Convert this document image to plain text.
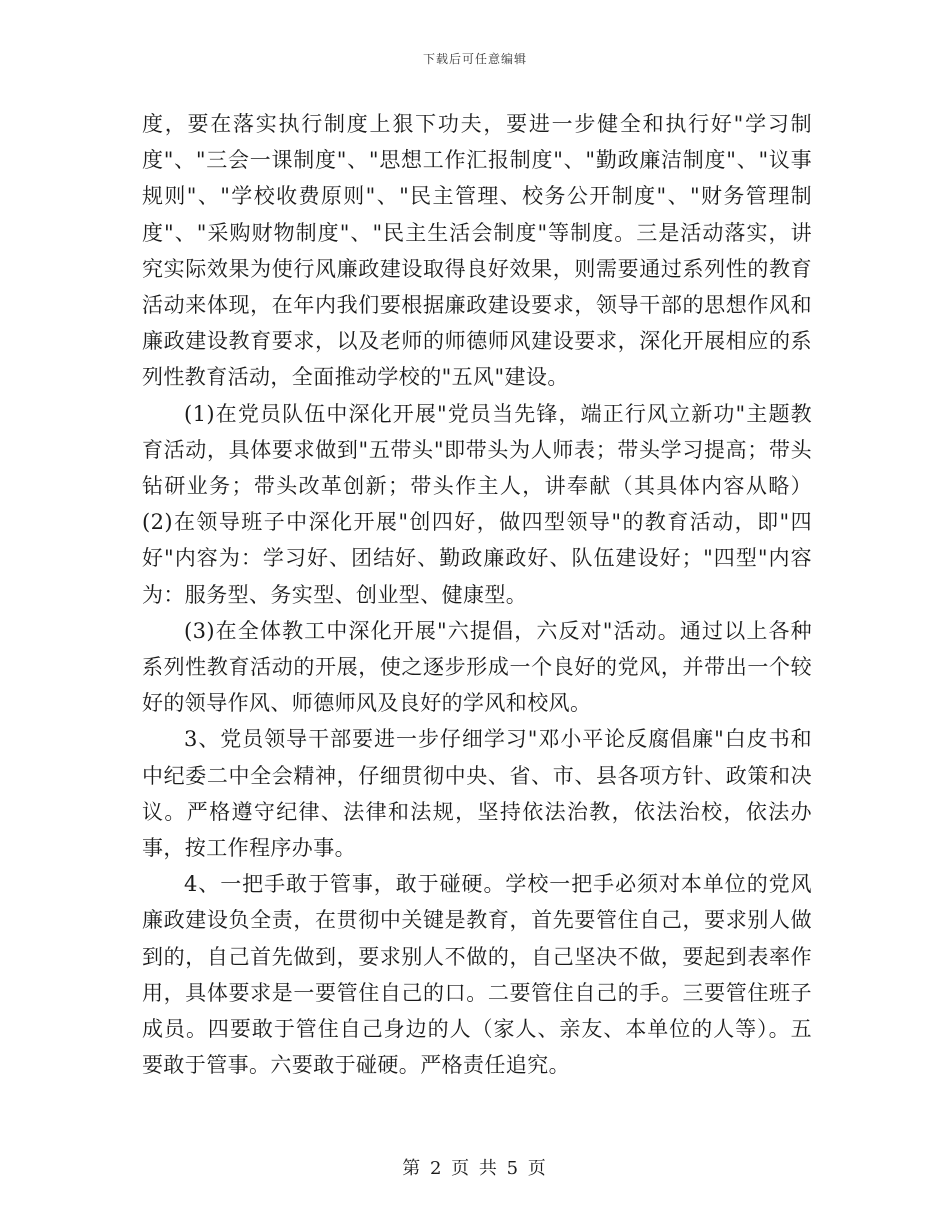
下载后可任意编辑

度，要在落实执行制度上狠下功夫，要进一步健全和执行好"学习制度"、"三会一课制度"、"思想工作汇报制度"、"勤政廉洁制度"、"议事规则"、"学校收费原则"、"民主管理、校务公开制度"、"财务管理制度"、"采购财物制度"、"民主生活会制度"等制度。三是活动落实，讲究实际效果为使行风廉政建设取得良好效果，则需要通过系列性的教育活动来体现，在年内我们要根据廉政建设要求，领导干部的思想作风和廉政建设教育要求，以及老师的师德师风建设要求，深化开展相应的系列性教育活动，全面推动学校的"五风"建设。

(1)在党员队伍中深化开展"党员当先锋，端正行风立新功"主题教育活动，具体要求做到"五带头"即带头为人师表；带头学习提高；带头钻研业务；带头改革创新；带头作主人，讲奉献（其具体内容从略）(2)在领导班子中深化开展"创四好，做四型领导"的教育活动，即"四好"内容为：学习好、团结好、勤政廉政好、队伍建设好；"四型"内容为：服务型、务实型、创业型、健康型。

(3)在全体教工中深化开展"六提倡，六反对"活动。通过以上各种系列性教育活动的开展，使之逐步形成一个良好的党风，并带出一个较好的领导作风、师德师风及良好的学风和校风。

3、党员领导干部要进一步仔细学习"邓小平论反腐倡廉"白皮书和中纪委二中全会精神，仔细贯彻中央、省、市、县各项方针、政策和决议。严格遵守纪律、法律和法规，坚持依法治教，依法治校，依法办事，按工作程序办事。

4、一把手敢于管事，敢于碰硬。学校一把手必须对本单位的党风廉政建设负全责，在贯彻中关键是教育，首先要管住自己，要求别人做到的，自己首先做到，要求别人不做的，自己坚决不做，要起到表率作用，具体要求是一要管住自己的口。二要管住自己的手。三要管住班子成员。四要敢于管住自己身边的人（家人、亲友、本单位的人等）。五要敢于管事。六要敢于碰硬。严格责任追究。

第 2 页 共 5 页
